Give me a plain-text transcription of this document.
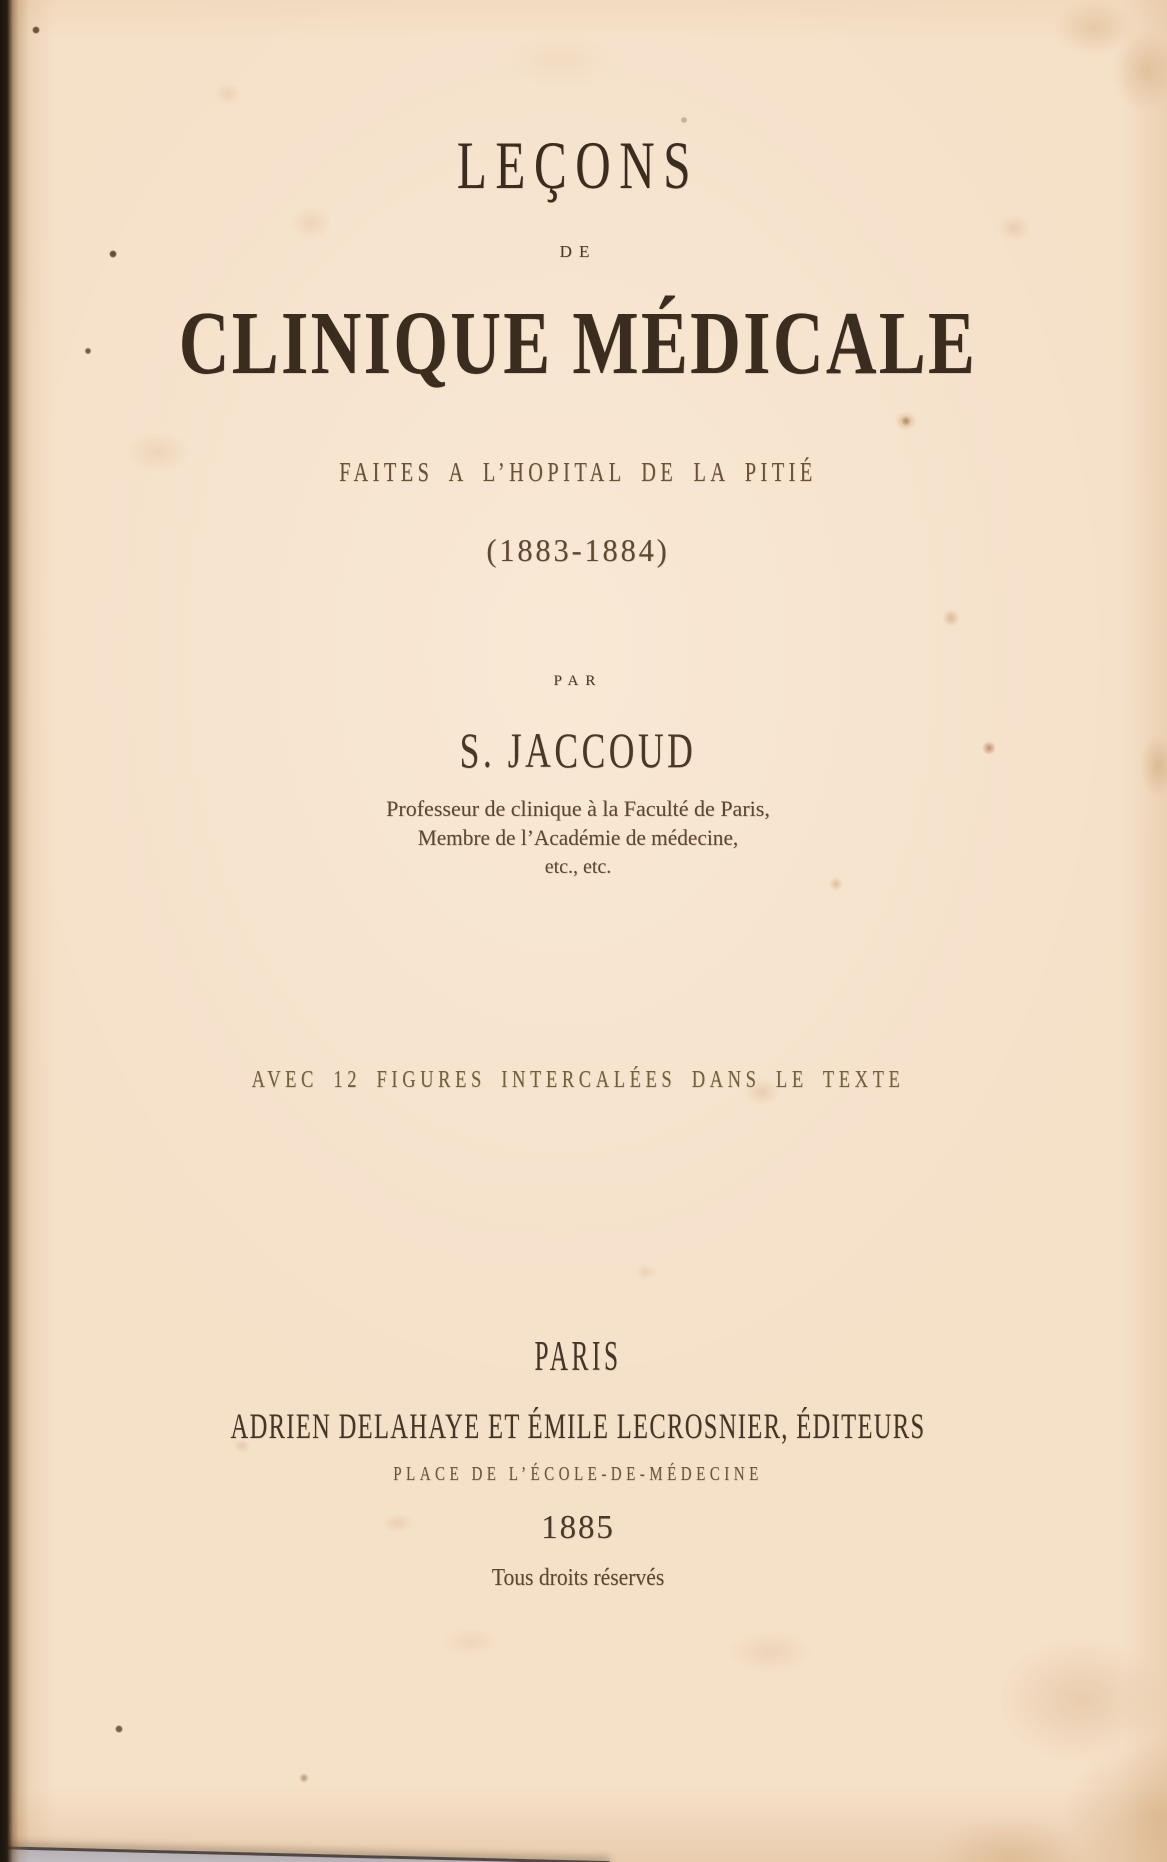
LEÇONS
DE
CLINIQUE MÉDICALE
FAITES A L’HOPITAL DE LA PITIÉ
(1883-1884)
PAR
S. JACCOUD
Professeur de clinique à la Faculté de Paris,
Membre de l’Académie de médecine,
etc., etc.
AVEC 12 FIGURES INTERCALÉES DANS LE TEXTE
PARIS
ADRIEN DELAHAYE ET ÉMILE LECROSNIER, ÉDITEURS
PLACE DE L’ÉCOLE-DE-MÉDECINE
1885
Tous droits réservés
